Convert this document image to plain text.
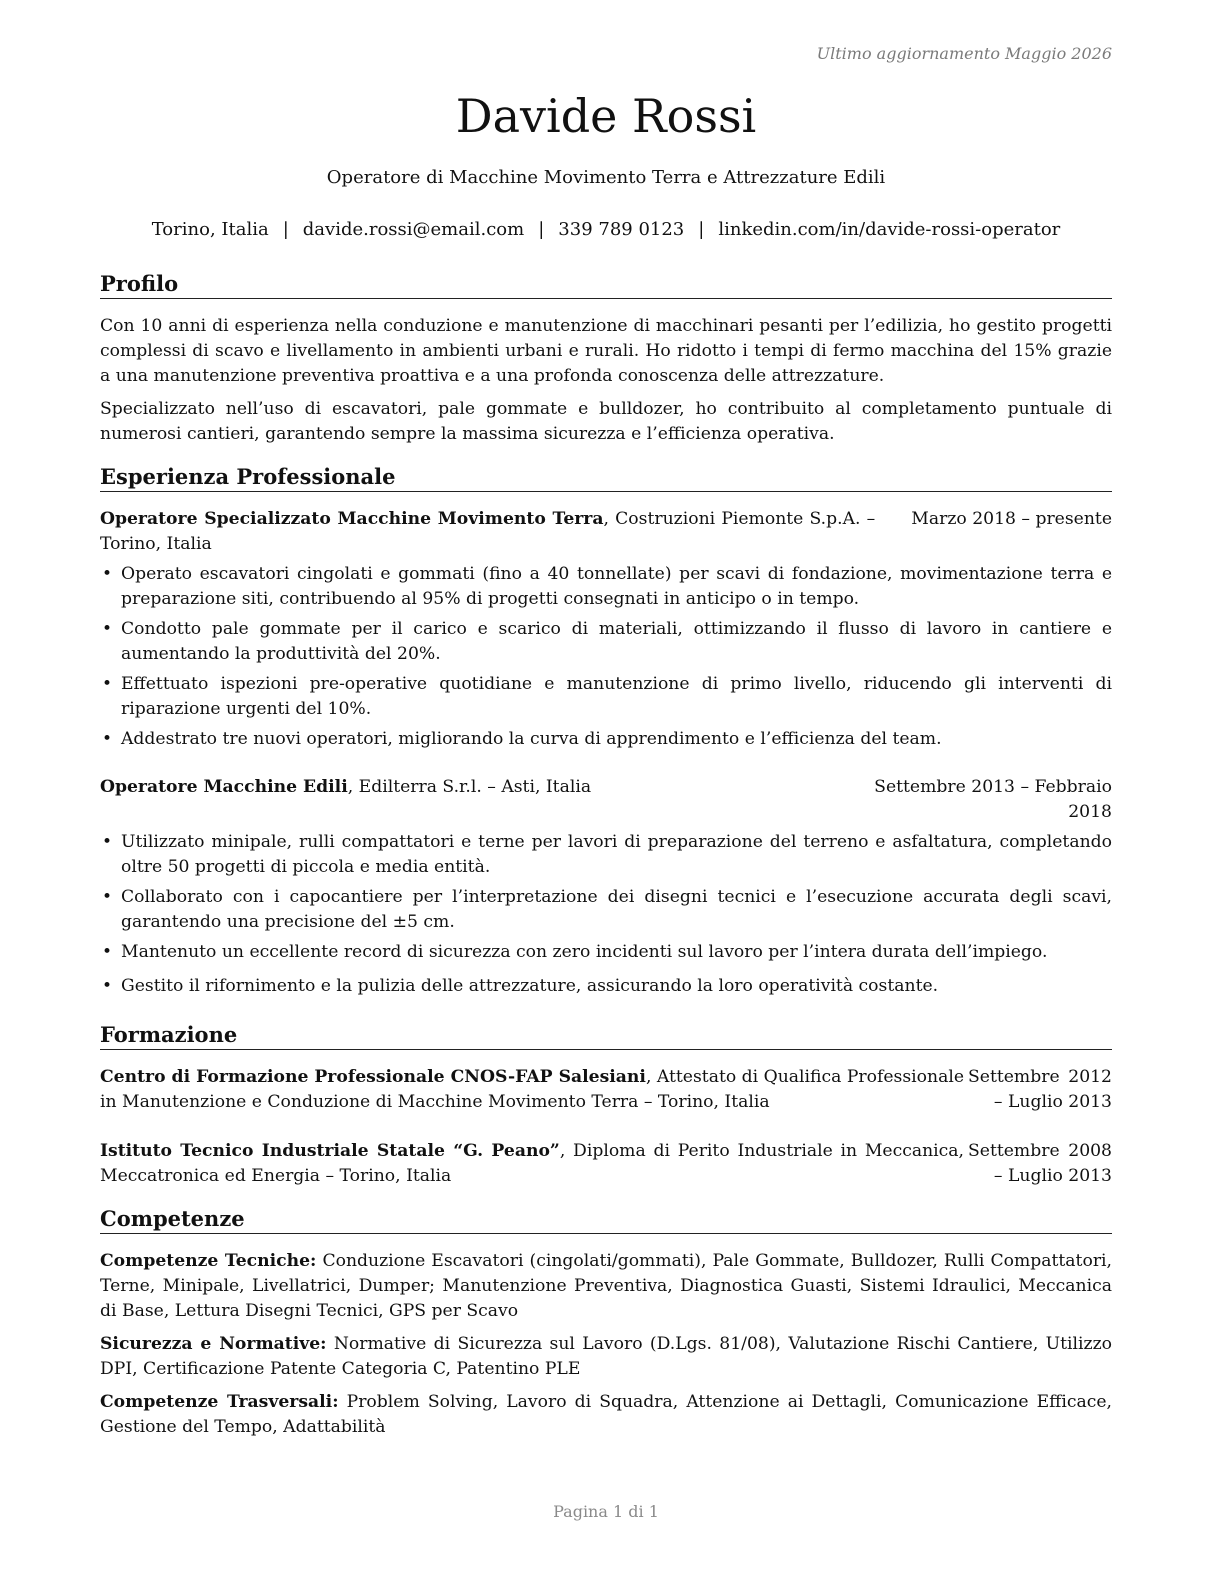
Ultimo aggiornamento Maggio 2026
Davide Rossi
Operatore di Macchine Movimento Terra e Attrezzature Edili
Torino, Italia | davide.rossi@email.com | 339 789 0123 | linkedin.com/in/davide-rossi-operator
Profilo

Con 10 anni di esperienza nella conduzione e manutenzione di macchinari pesanti per l’edilizia, ho gestito progetti complessi di scavo e livellamento in ambienti urbani e rurali. Ho ridotto i tempi di fermo macchina del 15% grazie a una manutenzione preventiva proattiva e a una profonda conoscenza delle attrezzature.

Specializzato nell’uso di escavatori, pale gommate e bulldozer, ho contribuito al completamento puntuale di numerosi cantieri, garantendo sempre la massima sicurezza e l’efficienza operativa.

Esperienza Professionale
Operatore Specializzato Macchine Movimento Terra, Costruzioni Piemonte S.p.A. – Torino, Italia
Marzo 2018 – presente
• Operato escavatori cingolati e gommati (fino a 40 tonnellate) per scavi di fondazione, movimentazione terra e preparazione siti, contribuendo al 95% di progetti consegnati in anticipo o in tempo.
• Condotto pale gommate per il carico e scarico di materiali, ottimizzando il flusso di lavoro in cantiere e aumentando la produttività del 20%.
• Effettuato ispezioni pre-operative quotidiane e manutenzione di primo livello, riducendo gli interventi di riparazione urgenti del 10%.
• Addestrato tre nuovi operatori, migliorando la curva di apprendimento e l’efficienza del team.
Operatore Macchine Edili, Edilterra S.r.l. – Asti, Italia	Settembre 2013 – Febbraio 2018
• Utilizzato minipale, rulli compattatori e terne per lavori di preparazione del terreno e asfaltatura, completando oltre 50 progetti di piccola e media entità.
• Collaborato con i capocantiere per l’interpretazione dei disegni tecnici e l’esecuzione accurata degli scavi, garantendo una precisione del ±5 cm.
• Mantenuto un eccellente record di sicurezza con zero incidenti sul lavoro per l’intera durata dell’impiego.
• Gestito il rifornimento e la pulizia delle attrezzature, assicurando la loro operatività costante.
Formazione
Centro di Formazione Professionale CNOS-FAP Salesiani, Attestato di Qualifica Professionale in Manutenzione e Conduzione di Macchine Movimento Terra – Torino, Italia
Settembre 2012 – Luglio 2013
Istituto Tecnico Industriale Statale “G. Peano”, Diploma di Perito Industriale in Meccanica, Meccatronica ed Energia – Torino, Italia
Settembre 2008 – Luglio 2013
Competenze

Competenze Tecniche: Conduzione Escavatori (cingolati/gommati), Pale Gommate, Bulldozer, Rulli Compattatori, Terne, Minipale, Livellatrici, Dumper; Manutenzione Preventiva, Diagnostica Guasti, Sistemi Idraulici, Meccanica di Base, Lettura Disegni Tecnici, GPS per Scavo

Sicurezza e Normative: Normative di Sicurezza sul Lavoro (D.Lgs. 81/08), Valutazione Rischi Cantiere, Utilizzo DPI, Certificazione Patente Categoria C, Patentino PLE

Competenze Trasversali: Problem Solving, Lavoro di Squadra, Attenzione ai Dettagli, Comunicazione Efficace, Gestione del Tempo, Adattabilità

Pagina 1 di 1
